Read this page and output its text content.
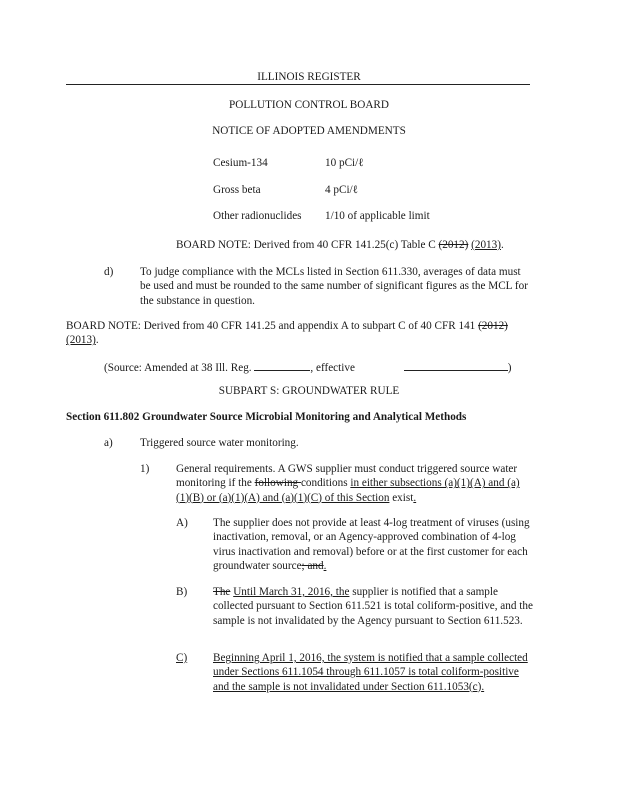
ILLINOIS REGISTER
POLLUTION CONTROL BOARD
NOTICE OF ADOPTED AMENDMENTS
Cesium-134	10 pCi/ℓ
Gross beta	4 pCi/ℓ
Other radionuclides 1/10 of applicable limit
BOARD NOTE: Derived from 40 CFR 141.25(c) Table C (2012) (2013).
d) To judge compliance with the MCLs listed in Section 611.330, averages of data must be used and must be rounded to the same number of significant figures as the MCL for the substance in question.
BOARD NOTE: Derived from 40 CFR 141.25 and appendix A to subpart C of 40 CFR 141 (2012) (2013).
(Source: Amended at 38 Ill. Reg.	, effective	)
SUBPART S: GROUNDWATER RULE
Section 611.802 Groundwater Source Microbial Monitoring and Analytical Methods
a) Triggered source water monitoring.
1) General requirements. A GWS supplier must conduct triggered source water monitoring if the following conditions in either subsections (a)(1)(A) and (a)(1)(B) or (a)(1)(A) and (a)(1)(C) of this Section exist.
A) The supplier does not provide at least 4-log treatment of viruses (using inactivation, removal, or an Agency-approved combination of 4-log virus inactivation and removal) before or at the first customer for each groundwater source; and.
B) The Until March 31, 2016, the supplier is notified that a sample collected pursuant to Section 611.521 is total coliform-positive, and the sample is not invalidated by the Agency pursuant to Section 611.523.
C) Beginning April 1, 2016, the system is notified that a sample collected under Sections 611.1054 through 611.1057 is total coliform-positive and the sample is not invalidated under Section 611.1053(c).
